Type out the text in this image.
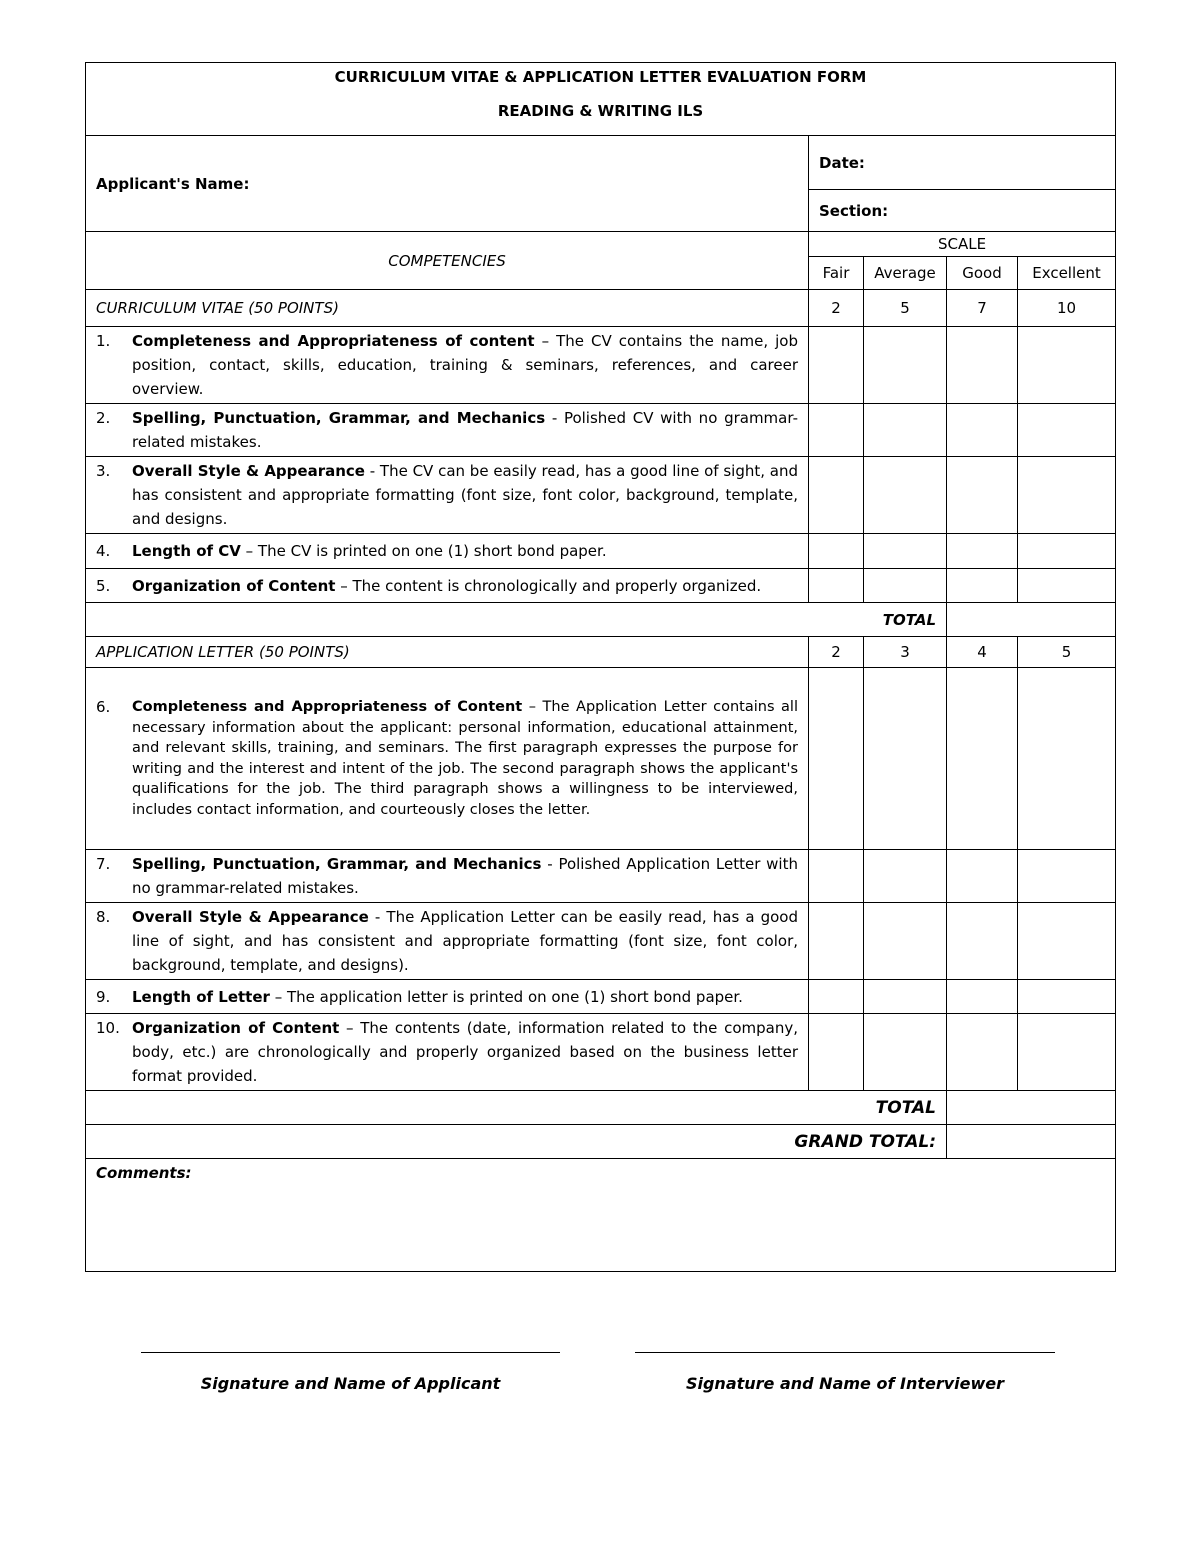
CURRICULUM VITAE & APPLICATION LETTER EVALUATION FORM
READING & WRITING ILS				

Applicant's Name:	Date:			
	Section:			
COMPETENCIES	SCALE			
	Fair	Average	Good	Excellent
CURRICULUM VITAE (50 POINTS)	2	5	7	10

1. Completeness and Appropriateness of content – The CV contains the name, job position, contact, skills, education, training & seminars, references, and career overview.				

2. Spelling, Punctuation, Grammar, and Mechanics - Polished CV with no grammar-related mistakes.				

3. Overall Style & Appearance - The CV can be easily read, has a good line of sight, and has consistent and appropriate formatting (font size, font color, background, template, and designs.				

4. Length of CV – The CV is printed on one (1) short bond paper.				

5. Organization of Content – The content is chronologically and properly organized.				

TOTAL				
APPLICATION LETTER (50 POINTS)	2	3	4	5

6. Completeness and Appropriateness of Content – The Application Letter contains all necessary information about the applicant: personal information, educational attainment, and relevant skills, training, and seminars. The first paragraph expresses the purpose for writing and the interest and intent of the job. The second paragraph shows the applicant's qualifications for the job. The third paragraph shows a willingness to be interviewed, includes contact information, and courteously closes the letter.				

7. Spelling, Punctuation, Grammar, and Mechanics - Polished Application Letter with no grammar-related mistakes.				

8. Overall Style & Appearance - The Application Letter can be easily read, has a good line of sight, and has consistent and appropriate formatting (font size, font color, background, template, and designs).				

9. Length of Letter – The application letter is printed on one (1) short bond paper.				

10. Organization of Content – The contents (date, information related to the company, body, etc.) are chronologically and properly organized based on the business letter format provided.				

TOTAL				
GRAND TOTAL:				
Comments:				
Signature and Name of Applicant	Signature and Name of Interviewer
